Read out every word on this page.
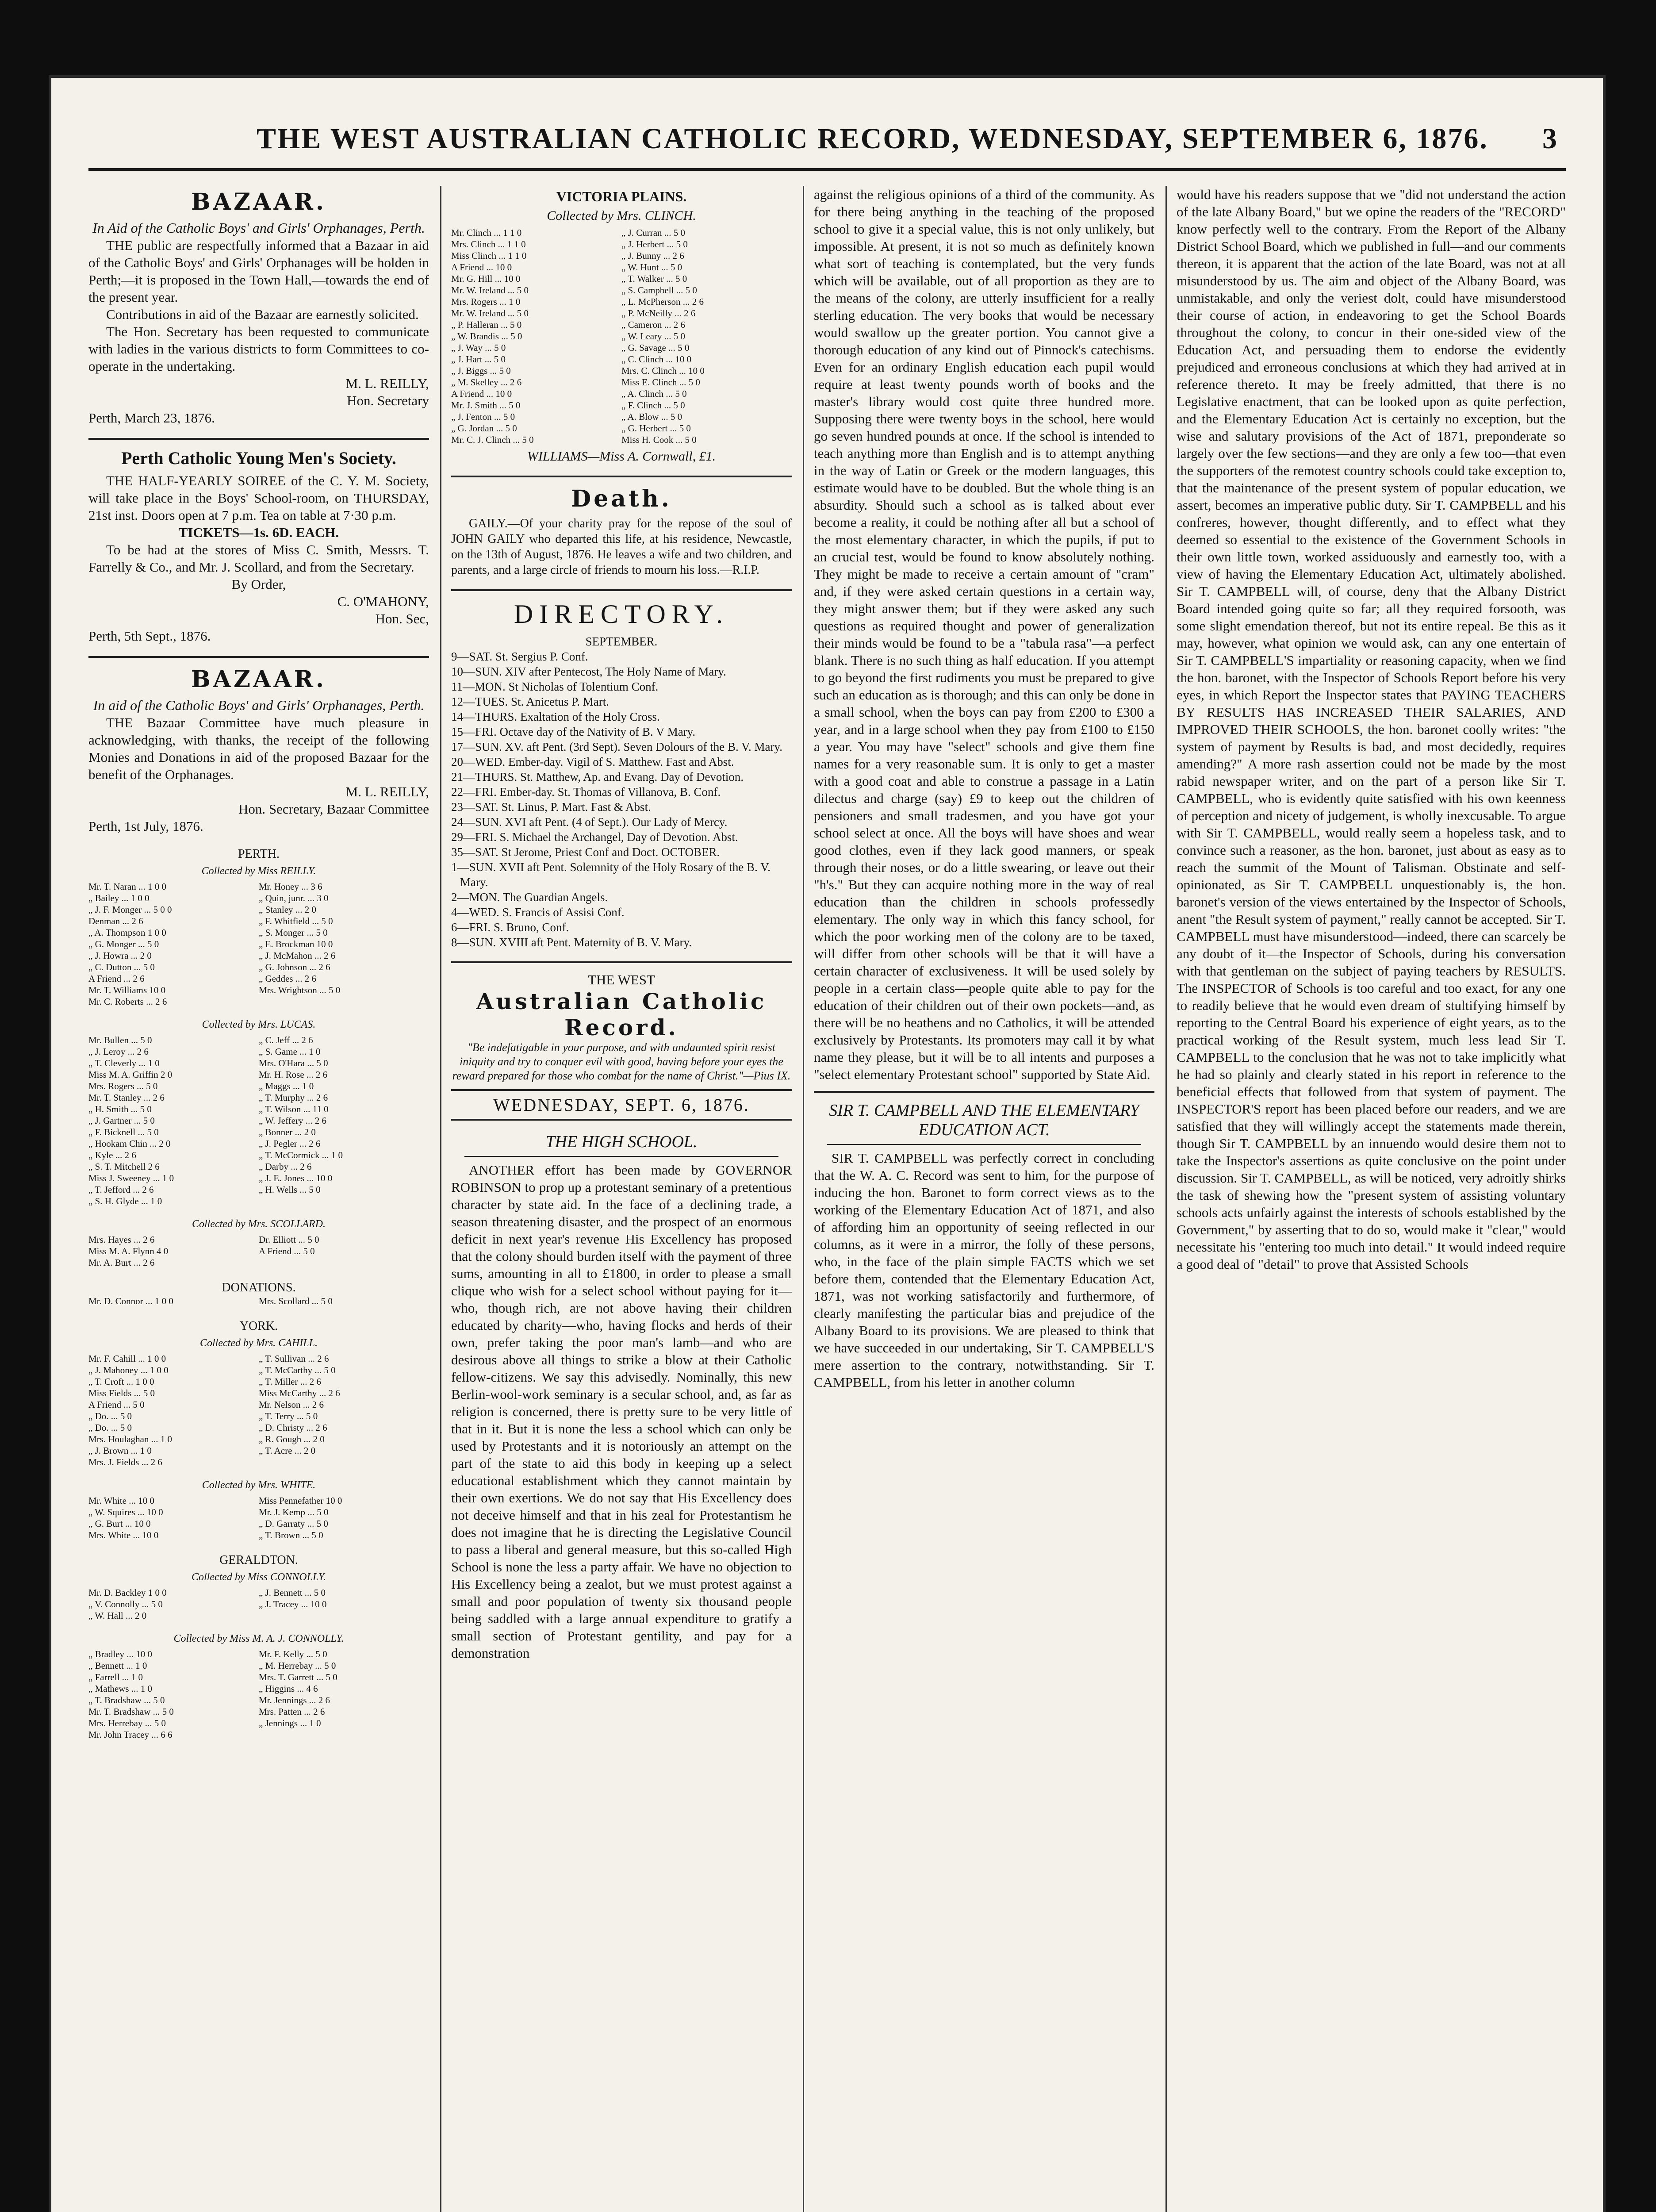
THE WEST AUSTRALIAN CATHOLIC RECORD, WEDNESDAY, SEPTEMBER 6, 1876. 3
BAZAAR.
In Aid of the Catholic Boys' and Girls' Orphanages, Perth.

THE public are respectfully informed that a Bazaar in aid of the Catholic Boys' and Girls' Orphanages will be holden in Perth;—it is proposed in the Town Hall,—towards the end of the present year.

Contributions in aid of the Bazaar are earnestly solicited.

The Hon. Secretary has been requested to communicate with ladies in the various districts to form Committees to co-operate in the undertaking.

M. L. REILLY,
Hon. Secretary
Perth, March 23, 1876.
Perth Catholic Young Men's Society.

THE HALF-YEARLY SOIREE of the C. Y. M. Society, will take place in the Boys' School-room, on THURSDAY, 21st inst. Doors open at 7 p.m. Tea on table at 7·30 p.m.

TICKETS—1s. 6D. EACH.

To be had at the stores of Miss C. Smith, Messrs. T. Farrelly & Co., and Mr. J. Scollard, and from the Secretary.

By Order,
C. O'MAHONY,
Hon. Sec,
Perth, 5th Sept., 1876.
BAZAAR.
In aid of the Catholic Boys' and Girls' Orphanages, Perth.

THE Bazaar Committee have much pleasure in acknowledging, with thanks, the receipt of the following Monies and Donations in aid of the proposed Bazaar for the benefit of the Orphanages.

M. L. REILLY,
Hon. Secretary, Bazaar Committee
Perth, 1st July, 1876.
PERTH.
Collected by Miss REILLY.
Mr. T. Naran ... 1 0 0	Mr. Honey ... 3 6
„ Bailey ... 1 0 0	„ Quin, junr. ... 3 0
„ J. F. Monger ... 5 0 0	„ Stanley ... 2 0
Denman ... 2 6	„ F. Whitfield ... 5 0
„ A. Thompson 1 0 0	„ S. Monger ... 5 0
„ G. Monger ... 5 0	„ E. Brockman 10 0
„ J. Howra ... 2 0	„ J. McMahon ... 2 6
„ C. Dutton ... 5 0	„ G. Johnson ... 2 6
A Friend ... 2 6	„ Geddes ... 2 6
Mr. T. Williams 10 0	Mrs. Wrightson ... 5 0
Mr. C. Roberts ... 2 6
Collected by Mrs. LUCAS.
Mr. Bullen ... 5 0	„ C. Jeff ... 2 6
„ J. Leroy ... 2 6	„ S. Game ... 1 0
„ T. Cleverly ... 1 0	Mrs. O'Hara ... 5 0
Miss M. A. Griffin 2 0	Mr. H. Rose ... 2 6
Mrs. Rogers ... 5 0	„ Maggs ... 1 0
Mr. T. Stanley ... 2 6	„ T. Murphy ... 2 6
„ H. Smith ... 5 0	„ T. Wilson ... 11 0
„ J. Gartner ... 5 0	„ W. Jeffery ... 2 6
„ F. Bicknell ... 5 0	„ Bonner ... 2 0
„ Hookam Chin ... 2 0	„ J. Pegler ... 2 6
„ Kyle ... 2 6	„ T. McCormick ... 1 0
„ S. T. Mitchell 2 6	„ Darby ... 2 6
Miss J. Sweeney ... 1 0	„ J. E. Jones ... 10 0
„ T. Jefford ... 2 6	„ H. Wells ... 5 0
„ S. H. Glyde ... 1 0
Collected by Mrs. SCOLLARD.
Mrs. Hayes ... 2 6	Dr. Elliott ... 5 0
Miss M. A. Flynn 4 0	A Friend ... 5 0
Mr. A. Burt ... 2 6
DONATIONS.
Mr. D. Connor ... 1 0 0	Mrs. Scollard ... 5 0
YORK.
Collected by Mrs. CAHILL.
Mr. F. Cahill ... 1 0 0	„ T. Sullivan ... 2 6
„ J. Mahoney ... 1 0 0	„ T. McCarthy ... 5 0
„ T. Croft ... 1 0 0	„ T. Miller ... 2 6
Miss Fields ... 5 0	Miss McCarthy ... 2 6
A Friend ... 5 0	Mr. Nelson ... 2 6
„ Do. ... 5 0	„ T. Terry ... 5 0
„ Do. ... 5 0	„ D. Christy ... 2 6
Mrs. Houlaghan ... 1 0	„ R. Gough ... 2 0
„ J. Brown ... 1 0	„ T. Acre ... 2 0
Mrs. J. Fields ... 2 6
Collected by Mrs. WHITE.
Mr. White ... 10 0	Miss Pennefather 10 0
„ W. Squires ... 10 0	Mr. J. Kemp ... 5 0
„ G. Burt ... 10 0	„ D. Garraty ... 5 0
Mrs. White ... 10 0	„ T. Brown ... 5 0
GERALDTON.
Collected by Miss CONNOLLY.
Mr. D. Backley 1 0 0	„ J. Bennett ... 5 0
„ V. Connolly ... 5 0	„ J. Tracey ... 10 0
„ W. Hall ... 2 0
Collected by Miss M. A. J. CONNOLLY.
„ Bradley ... 10 0	Mr. F. Kelly ... 5 0
„ Bennett ... 1 0	„ M. Herrebay ... 5 0
„ Farrell ... 1 0	Mrs. T. Garrett ... 5 0
„ Mathews ... 1 0	„ Higgins ... 4 6
„ T. Bradshaw ... 5 0	Mr. Jennings ... 2 6
Mr. T. Bradshaw ... 5 0	Mrs. Patten ... 2 6
Mrs. Herrebay ... 5 0	„ Jennings ... 1 0
Mr. John Tracey ... 6 6
VICTORIA PLAINS.
Collected by Mrs. CLINCH.
Mr. Clinch ... 1 1 0	„ J. Curran ... 5 0
Mrs. Clinch ... 1 1 0	„ J. Herbert ... 5 0
Miss Clinch ... 1 1 0	„ J. Bunny ... 2 6
A Friend ... 10 0	„ W. Hunt ... 5 0
Mr. G. Hill ... 10 0	„ T. Walker ... 5 0
Mr. W. Ireland ... 5 0	„ S. Campbell ... 5 0
Mrs. Rogers ... 1 0	„ L. McPherson ... 2 6
Mr. W. Ireland ... 5 0	„ P. McNeilly ... 2 6
„ P. Halleran ... 5 0	„ Cameron ... 2 6
„ W. Brandis ... 5 0	„ W. Leary ... 5 0
„ J. Way ... 5 0	„ G. Savage ... 5 0
„ J. Hart ... 5 0	„ C. Clinch ... 10 0
„ J. Biggs ... 5 0	Mrs. C. Clinch ... 10 0
„ M. Skelley ... 2 6	Miss E. Clinch ... 5 0
A Friend ... 10 0	„ A. Clinch ... 5 0
Mr. J. Smith ... 5 0	„ F. Clinch ... 5 0
„ J. Fenton ... 5 0	„ A. Blow ... 5 0
„ G. Jordan ... 5 0	„ G. Herbert ... 5 0
Mr. C. J. Clinch ... 5 0	Miss H. Cook ... 5 0
WILLIAMS—Miss A. Cornwall, £1.
Death.

GAILY.—Of your charity pray for the repose of the soul of JOHN GAILY who departed this life, at his residence, Newcastle, on the 13th of August, 1876. He leaves a wife and two children, and parents, and a large circle of friends to mourn his loss.—R.I.P.

DIRECTORY.
SEPTEMBER.
9—SAT. St. Sergius P. Conf.
10—SUN. XIV after Pentecost, The Holy Name of Mary.
11—MON. St Nicholas of Tolentium Conf.
12—TUES. St. Anicetus P. Mart.
14—THURS. Exaltation of the Holy Cross.
15—FRI. Octave day of the Nativity of B. V Mary.
17—SUN. XV. aft Pent. (3rd Sept). Seven Dolours of the B. V. Mary.
20—WED. Ember-day. Vigil of S. Matthew. Fast and Abst.
21—THURS. St. Matthew, Ap. and Evang. Day of Devotion.
22—FRI. Ember-day. St. Thomas of Villanova, B. Conf.
23—SAT. St. Linus, P. Mart. Fast & Abst.
24—SUN. XVI aft Pent. (4 of Sept.). Our Lady of Mercy.
29—FRI. S. Michael the Archangel, Day of Devotion. Abst.
35—SAT. St Jerome, Priest Conf and Doct. OCTOBER.
1—SUN. XVII aft Pent. Solemnity of the Holy Rosary of the B. V. Mary.
2—MON. The Guardian Angels.
4—WED. S. Francis of Assisi Conf.
6—FRI. S. Bruno, Conf.
8—SUN. XVIII aft Pent. Maternity of B. V. Mary.
THE WEST
Australian Catholic Record.
"Be indefatigable in your purpose, and with undaunted spirit resist iniquity and try to conquer evil with good, having before your eyes the reward prepared for those who combat for the name of Christ."—Pius IX.
WEDNESDAY, SEPT. 6, 1876.
THE HIGH SCHOOL.

ANOTHER effort has been made by GOVERNOR ROBINSON to prop up a protestant seminary of a pretentious character by state aid. In the face of a declining trade, a season threatening disaster, and the prospect of an enormous deficit in next year's revenue His Excellency has proposed that the colony should burden itself with the payment of three sums, amounting in all to £1800, in order to please a small clique who wish for a select school without paying for it—who, though rich, are not above having their children educated by charity—who, having flocks and herds of their own, prefer taking the poor man's lamb—and who are desirous above all things to strike a blow at their Catholic fellow-citizens. We say this advisedly. Nominally, this new Berlin-wool-work seminary is a secular school, and, as far as religion is concerned, there is pretty sure to be very little of that in it. But it is none the less a school which can only be used by Protestants and it is notoriously an attempt on the part of the state to aid this body in keeping up a select educational establishment which they cannot maintain by their own exertions. We do not say that His Excellency does not deceive himself and that in his zeal for Protestantism he does not imagine that he is directing the Legislative Council to pass a liberal and general measure, but this so-called High School is none the less a party affair. We have no objection to His Excellency being a zealot, but we must protest against a small and poor population of twenty six thousand people being saddled with a large annual expenditure to gratify a small section of Protestant gentility, and pay for a demonstration

against the religious opinions of a third of the community. As for there being anything in the teaching of the proposed school to give it a special value, this is not only unlikely, but impossible. At present, it is not so much as definitely known what sort of teaching is contemplated, but the very funds which will be available, out of all proportion as they are to the means of the colony, are utterly insufficient for a really sterling education. The very books that would be necessary would swallow up the greater portion. You cannot give a thorough education of any kind out of Pinnock's catechisms. Even for an ordinary English education each pupil would require at least twenty pounds worth of books and the master's library would cost quite three hundred more. Supposing there were twenty boys in the school, here would go seven hundred pounds at once. If the school is intended to teach anything more than English and is to attempt anything in the way of Latin or Greek or the modern languages, this estimate would have to be doubled. But the whole thing is an absurdity. Should such a school as is talked about ever become a reality, it could be nothing after all but a school of the most elementary character, in which the pupils, if put to an crucial test, would be found to know absolutely nothing. They might be made to receive a certain amount of "cram" and, if they were asked certain questions in a certain way, they might answer them; but if they were asked any such questions as required thought and power of generalization their minds would be found to be a "tabula rasa"—a perfect blank. There is no such thing as half education. If you attempt to go beyond the first rudiments you must be prepared to give such an education as is thorough; and this can only be done in a small school, when the boys can pay from £200 to £300 a year, and in a large school when they pay from £100 to £150 a year. You may have "select" schools and give them fine names for a very reasonable sum. It is only to get a master with a good coat and able to construe a passage in a Latin dilectus and charge (say) £9 to keep out the children of pensioners and small tradesmen, and you have got your school select at once. All the boys will have shoes and wear good clothes, even if they lack good manners, or speak through their noses, or do a little swearing, or leave out their "h's." But they can acquire nothing more in the way of real education than the children in schools professedly elementary. The only way in which this fancy school, for which the poor working men of the colony are to be taxed, will differ from other schools will be that it will have a certain character of exclusiveness. It will be used solely by people in a certain class—people quite able to pay for the education of their children out of their own pockets—and, as there will be no heathens and no Catholics, it will be attended exclusively by Protestants. Its promoters may call it by what name they please, but it will be to all intents and purposes a "select elementary Protestant school" supported by State Aid.

SIR T. CAMPBELL AND THE ELEMENTARY EDUCATION ACT.

SIR T. CAMPBELL was perfectly correct in concluding that the W. A. C. Record was sent to him, for the purpose of inducing the hon. Baronet to form correct views as to the working of the Elementary Education Act of 1871, and also of affording him an opportunity of seeing reflected in our columns, as it were in a mirror, the folly of these persons, who, in the face of the plain simple FACTS which we set before them, contended that the Elementary Education Act, 1871, was not working satisfactorily and furthermore, of clearly manifesting the particular bias and prejudice of the Albany Board to its provisions. We are pleased to think that we have succeeded in our undertaking, Sir T. CAMPBELL'S mere assertion to the contrary, notwithstanding. Sir T. CAMPBELL, from his letter in another column

would have his readers suppose that we "did not understand the action of the late Albany Board," but we opine the readers of the "RECORD" know perfectly well to the contrary. From the Report of the Albany District School Board, which we published in full—and our comments thereon, it is apparent that the action of the late Board, was not at all misunderstood by us. The aim and object of the Albany Board, was unmistakable, and only the veriest dolt, could have misunderstood their course of action, in endeavoring to get the School Boards throughout the colony, to concur in their one-sided view of the Education Act, and persuading them to endorse the evidently prejudiced and erroneous conclusions at which they had arrived at in reference thereto. It may be freely admitted, that there is no Legislative enactment, that can be looked upon as quite perfection, and the Elementary Education Act is certainly no exception, but the wise and salutary provisions of the Act of 1871, preponderate so largely over the few sections—and they are only a few too—that even the supporters of the remotest country schools could take exception to, that the maintenance of the present system of popular education, we assert, becomes an imperative public duty. Sir T. CAMPBELL and his confreres, however, thought differently, and to effect what they deemed so essential to the existence of the Government Schools in their own little town, worked assiduously and earnestly too, with a view of having the Elementary Education Act, ultimately abolished. Sir T. CAMPBELL will, of course, deny that the Albany District Board intended going quite so far; all they required forsooth, was some slight emendation thereof, but not its entire repeal. Be this as it may, however, what opinion we would ask, can any one entertain of Sir T. CAMPBELL'S impartiality or reasoning capacity, when we find the hon. baronet, with the Inspector of Schools Report before his very eyes, in which Report the Inspector states that PAYING TEACHERS BY RESULTS HAS INCREASED THEIR SALARIES, AND IMPROVED THEIR SCHOOLS, the hon. baronet coolly writes: "the system of payment by Results is bad, and most decidedly, requires amending?" A more rash assertion could not be made by the most rabid newspaper writer, and on the part of a person like Sir T. CAMPBELL, who is evidently quite satisfied with his own keenness of perception and nicety of judgement, is wholly inexcusable. To argue with Sir T. CAMPBELL, would really seem a hopeless task, and to convince such a reasoner, as the hon. baronet, just about as easy as to reach the summit of the Mount of Talisman. Obstinate and self-opinionated, as Sir T. CAMPBELL unquestionably is, the hon. baronet's version of the views entertained by the Inspector of Schools, anent "the Result system of payment," really cannot be accepted. Sir T. CAMPBELL must have misunderstood—indeed, there can scarcely be any doubt of it—the Inspector of Schools, during his conversation with that gentleman on the subject of paying teachers by RESULTS. The INSPECTOR of Schools is too careful and too exact, for any one to readily believe that he would even dream of stultifying himself by reporting to the Central Board his experience of eight years, as to the practical working of the Result system, much less lead Sir T. CAMPBELL to the conclusion that he was not to take implicitly what he had so plainly and clearly stated in his report in reference to the beneficial effects that followed from that system of payment. The INSPECTOR'S report has been placed before our readers, and we are satisfied that they will willingly accept the statements made therein, though Sir T. CAMPBELL by an innuendo would desire them not to take the Inspector's assertions as quite conclusive on the point under discussion. Sir T. CAMPBELL, as will be noticed, very adroitly shirks the task of shewing how the "present system of assisting voluntary schools acts unfairly against the interests of schools established by the Government," by asserting that to do so, would make it "clear," would necessitate his "entering too much into detail." It would indeed require a good deal of "detail" to prove that Assisted Schools
